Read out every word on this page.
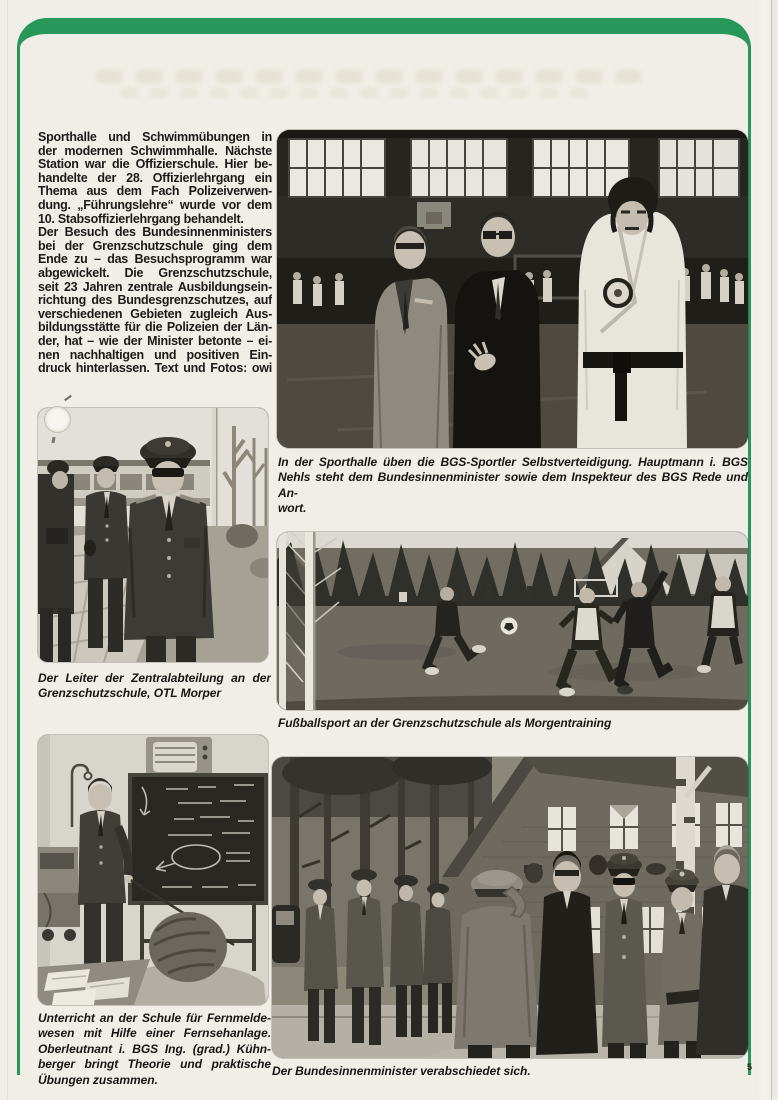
Sporthalle und Schwimmübungen in
der modernen Schwimmhalle. Nächste
Station war die Offizierschule. Hier be-
handelte der 28. Offizierlehrgang ein
Thema aus dem Fach Polizeiverwen-
dung. „Führungslehre“ wurde vor dem
10. Stabsoffizierlehrgang behandelt.
Der Besuch des Bundesinnenministers
bei der Grenzschutzschule ging dem
Ende zu – das Besuchsprogramm war
abgewickelt. Die Grenzschutzschule,
seit 23 Jahren zentrale Ausbildungsein-
richtung des Bundesgrenzschutzes, auf
verschiedenen Gebieten zugleich Aus-
bildungsstätte für die Polizeien der Län-
der, hat – wie der Minister betonte – ei-
nen nachhaltigen und positiven Ein-
druck hinterlassen. Text und Fotos: owi
In der Sporthalle üben die BGS-Sportler Selbstverteidigung. Hauptmann i. BGS
Nehls steht dem Bundesinnenminister sowie dem Inspekteur des BGS Rede und An-
wort.
Der Leiter der Zentralabteilung an der
Grenzschutzschule, OTL Morper
Fußballsport an der Grenzschutzschule als Morgentraining
Unterricht an der Schule für Fernmelde-
wesen mit Hilfe einer Fernsehanlage.
Oberleutnant i. BGS Ing. (grad.) Kühn-
berger bringt Theorie und praktische
Übungen zusammen.
Der Bundesinnenminister verabschiedet sich.	5
